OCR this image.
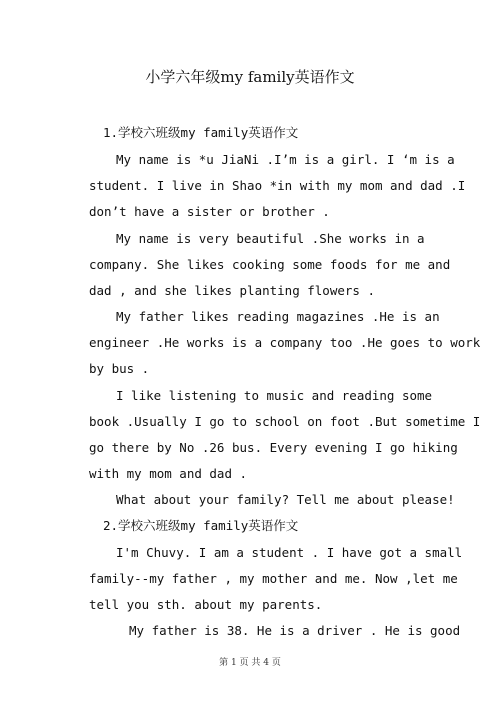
小学六年级my family英语作文
1.学校六班级my family英语作文
My name is *u JiaNi .I’m is a girl. I ‘m is a
student. I live in Shao *in with my mom and dad .I
don’t have a sister or brother .
My name is very beautiful .She works in a
company. She likes cooking some foods for me and
dad , and she likes planting flowers .
My father likes reading magazines .He is an
engineer .He works is a company too .He goes to work
by bus .
I like listening to music and reading some
book .Usually I go to school on foot .But sometime I
go there by No .26 bus. Every evening I go hiking
with my mom and dad .
What about your family? Tell me about please!
2.学校六班级my family英语作文
I'm Chuvy. I am a student . I have got a small
family--my father , my mother and me. Now ,let me
tell you sth. about my parents.
My father is 38. He is a driver . He is good
第 1 页 共 4 页
